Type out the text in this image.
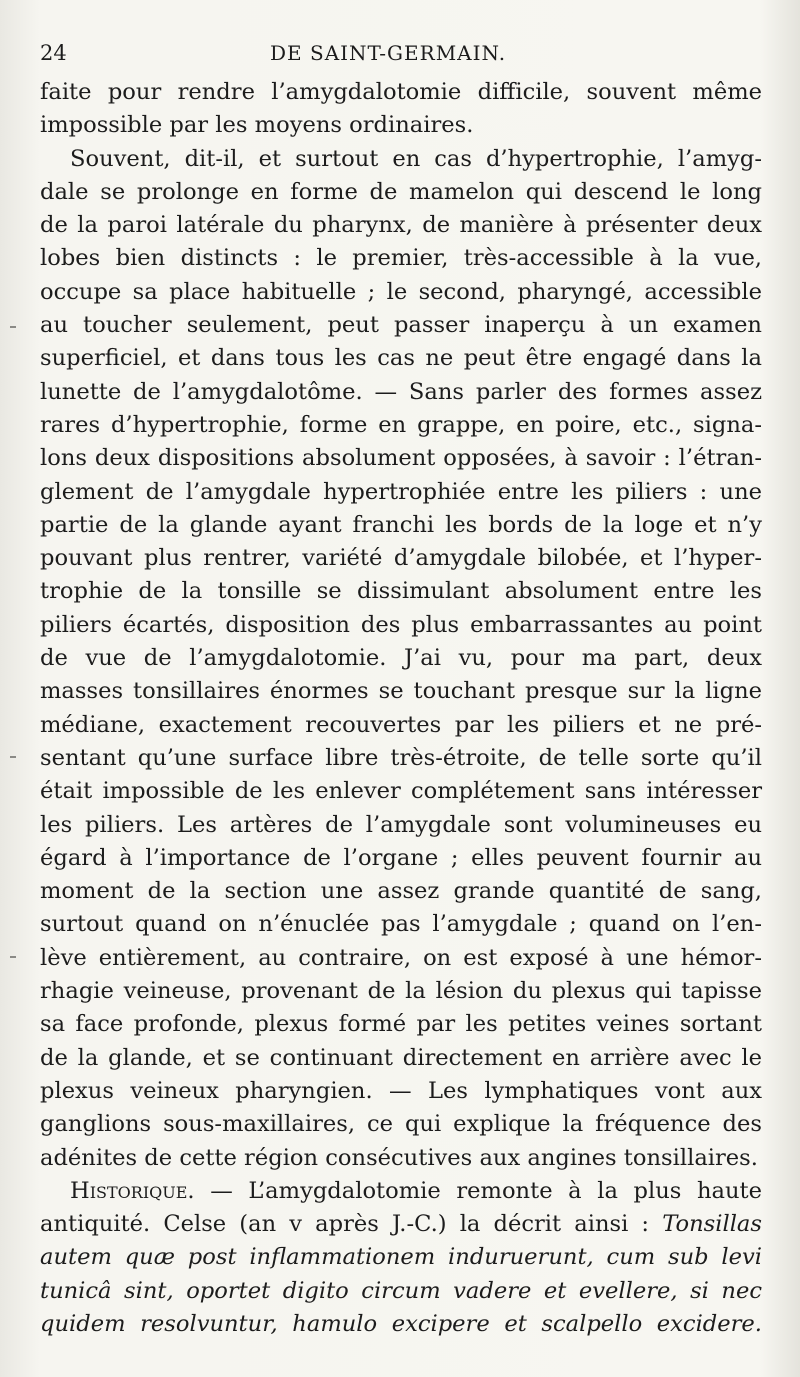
24	DE SAINT-GERMAIN.
faite pour rendre l’amygdalotomie difficile, souvent même
impossible par les moyens ordinaires.
Souvent, dit-il, et surtout en cas d’hypertrophie, l’amyg-
dale se prolonge en forme de mamelon qui descend le long
de la paroi latérale du pharynx, de manière à présenter deux
lobes bien distincts : le premier, très-accessible à la vue,
occupe sa place habituelle ; le second, pharyngé, accessible
au toucher seulement, peut passer inaperçu à un examen
superficiel, et dans tous les cas ne peut être engagé dans la
lunette de l’amygdalotôme. — Sans parler des formes assez
rares d’hypertrophie, forme en grappe, en poire, etc., signa-
lons deux dispositions absolument opposées, à savoir : l’étran-
glement de l’amygdale hypertrophiée entre les piliers : une
partie de la glande ayant franchi les bords de la loge et n’y
pouvant plus rentrer, variété d’amygdale bilobée, et l’hyper-
trophie de la tonsille se dissimulant absolument entre les
piliers écartés, disposition des plus embarrassantes au point
de vue de l’amygdalotomie. J’ai vu, pour ma part, deux
masses tonsillaires énormes se touchant presque sur la ligne
médiane, exactement recouvertes par les piliers et ne pré-
sentant qu’une surface libre très-étroite, de telle sorte qu’il
était impossible de les enlever complétement sans intéresser
les piliers. Les artères de l’amygdale sont volumineuses eu
égard à l’importance de l’organe ; elles peuvent fournir au
moment de la section une assez grande quantité de sang,
surtout quand on n’énuclée pas l’amygdale ; quand on l’en-
lève entièrement, au contraire, on est exposé à une hémor-
rhagie veineuse, provenant de la lésion du plexus qui tapisse
sa face profonde, plexus formé par les petites veines sortant
de la glande, et se continuant directement en arrière avec le
plexus veineux pharyngien. — Les lymphatiques vont aux
ganglions sous-maxillaires, ce qui explique la fréquence des
adénites de cette région consécutives aux angines tonsillaires.
Historique. — L’amygdalotomie remonte à la plus haute
antiquité. Celse (an v après J.-C.) la décrit ainsi : Tonsillas
autem quæ post inflammationem induruerunt, cum sub levi
tunicâ sint, oportet digito circum vadere et evellere, si nec
quidem resolvuntur, hamulo excipere et scalpello excidere.
